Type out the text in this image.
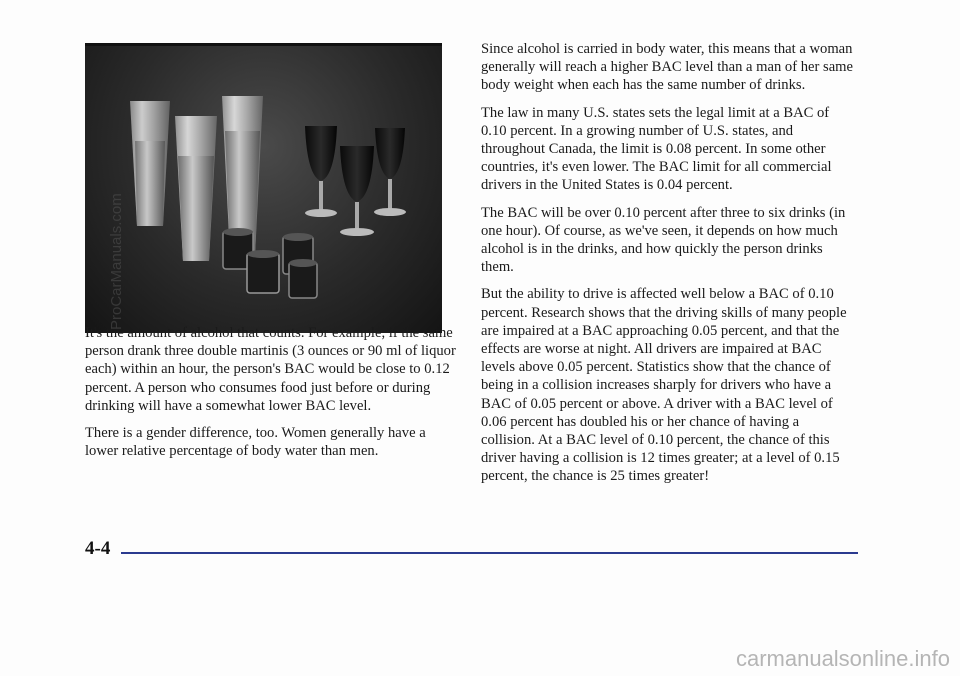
It's the amount of alcohol that counts. For example, if the same person drank three double martinis (3 ounces or 90 ml of liquor each) within an hour, the person's BAC would be close to 0.12 percent. A person who consumes food just before or during drinking will have a somewhat lower BAC level.

There is a gender difference, too. Women generally have a lower relative percentage of body water than men.

Since alcohol is carried in body water, this means that a woman generally will reach a higher BAC level than a man of her same body weight when each has the same number of drinks.

The law in many U.S. states sets the legal limit at a BAC of 0.10 percent. In a growing number of U.S. states, and throughout Canada, the limit is 0.08 percent. In some other countries, it's even lower. The BAC limit for all commercial drivers in the United States is 0.04 percent.

The BAC will be over 0.10 percent after three to six drinks (in one hour). Of course, as we've seen, it depends on how much alcohol is in the drinks, and how quickly the person drinks them.

But the ability to drive is affected well below a BAC of 0.10 percent. Research shows that the driving skills of many people are impaired at a BAC approaching 0.05 percent, and that the effects are worse at night. All drivers are impaired at BAC levels above 0.05 percent. Statistics show that the chance of being in a collision increases sharply for drivers who have a BAC of 0.05 percent or above. A driver with a BAC level of 0.06 percent has doubled his or her chance of having a collision. At a BAC level of 0.10 percent, the chance of this driver having a collision is 12 times greater; at a level of 0.15 percent, the chance is 25 times greater!

4-4
ProCarManuals.com
carmanualsonline.info
